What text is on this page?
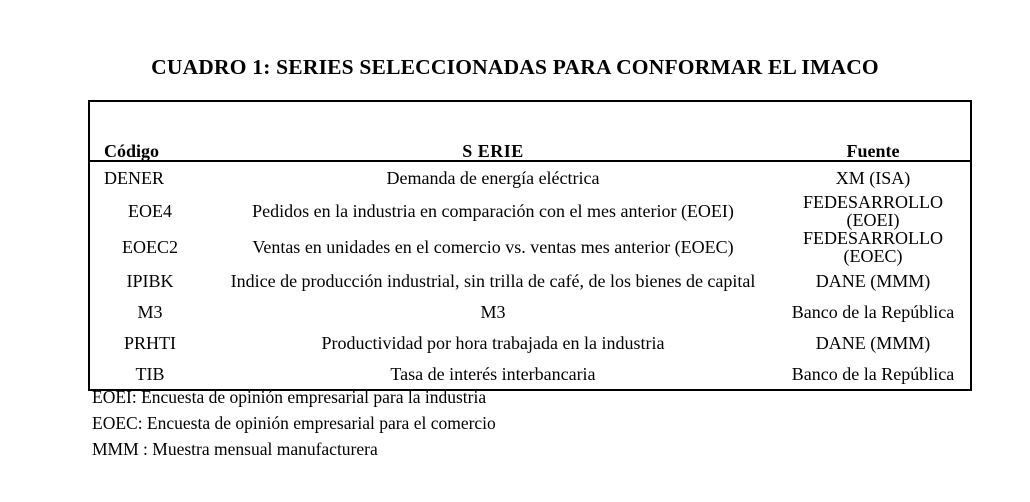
CUADRO 1: SERIES SELECCIONADAS PARA CONFORMAR EL IMACO
Código	S ERIE	Fuente
DENER	Demanda de energía eléctrica	XM (ISA)
EOE4	Pedidos en la industria en comparación con el mes anterior (EOEI)	FEDESARROLLO (EOEI)
EOEC2	Ventas en unidades en el comercio vs. ventas mes anterior (EOEC)	FEDESARROLLO (EOEC)
IPIBK	Indice de producción industrial, sin trilla de café, de los bienes de capital	DANE (MMM)
M3	M3	Banco de la República
PRHTI	Productividad por hora trabajada en la industria	DANE (MMM)
TIB	Tasa de interés interbancaria	Banco de la República
EOEI: Encuesta de opinión empresarial para la industria
EOEC: Encuesta de opinión empresarial para el comercio
MMM : Muestra mensual manufacturera
